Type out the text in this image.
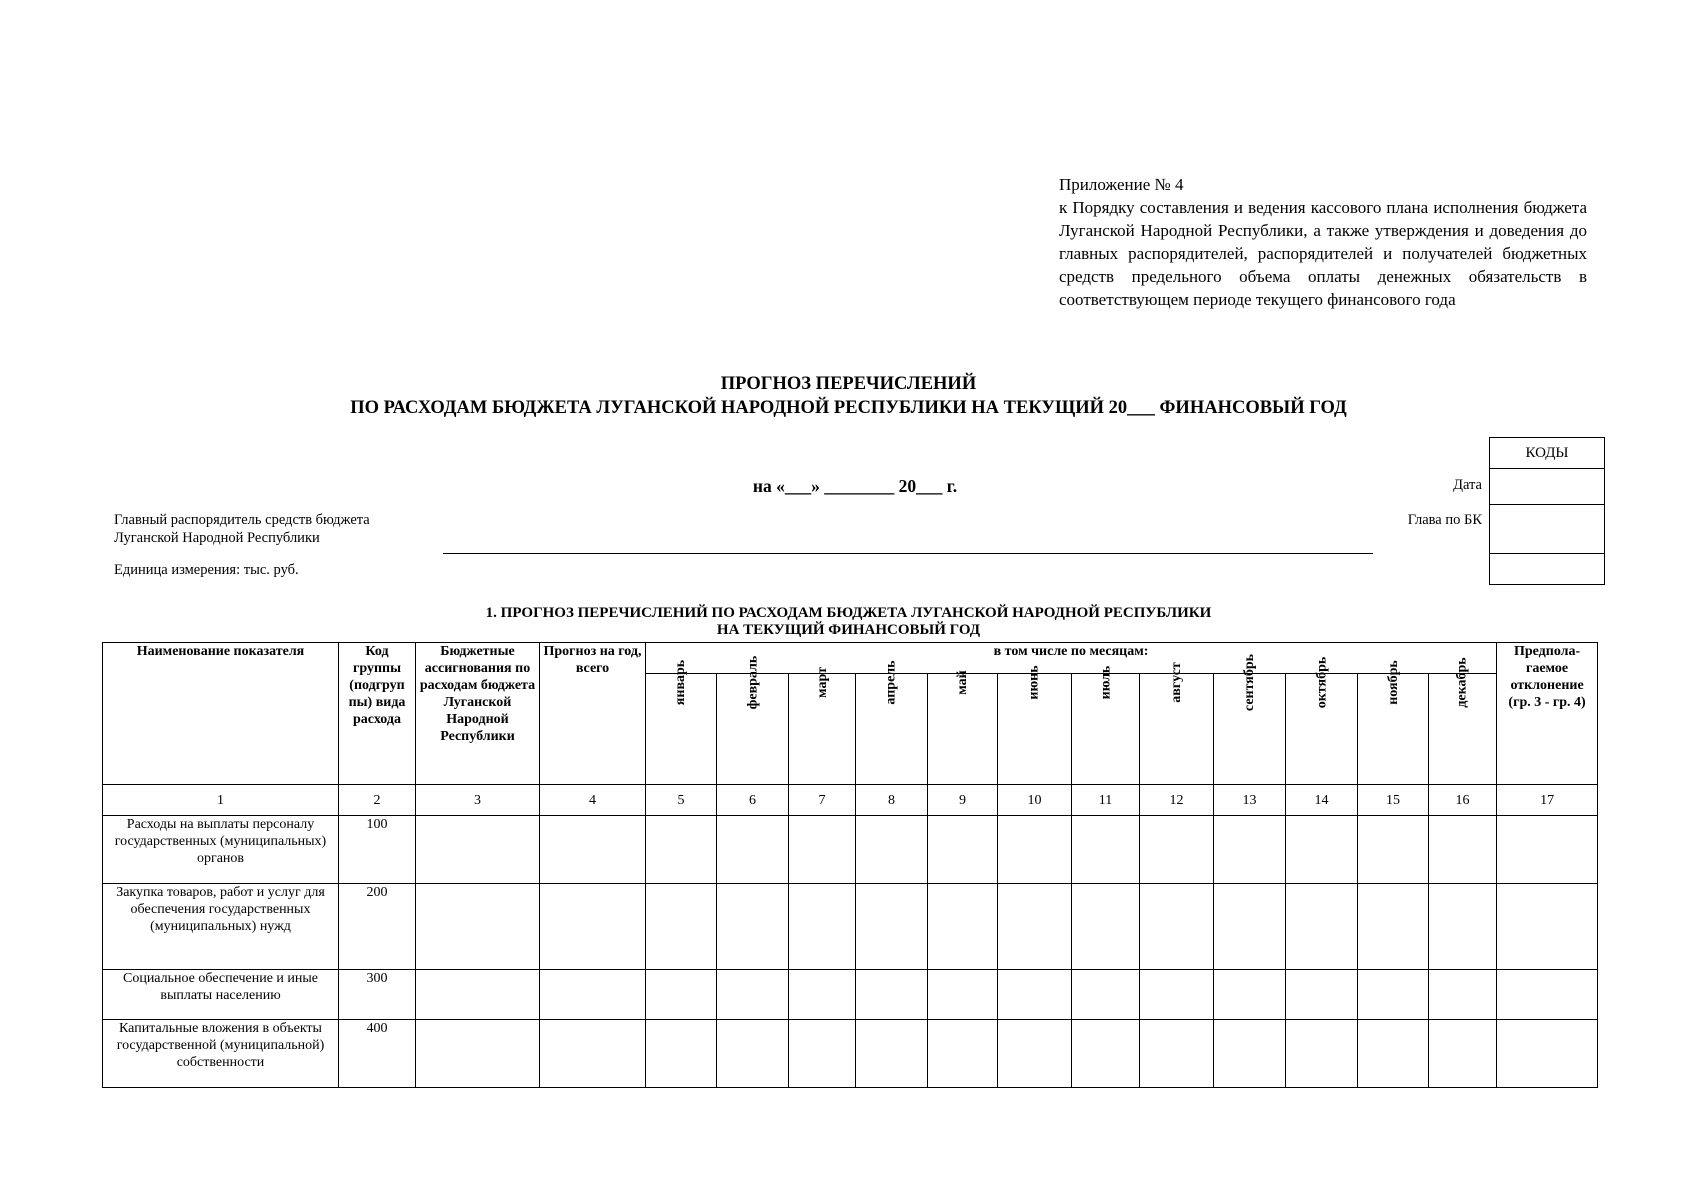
Приложение № 4

к Порядку составления и ведения кассового плана исполнения бюджета Луганской Народной Республики, а также утверждения и доведения до главных распорядителей, распорядителей и получателей бюджетных средств предельного объема оплаты денежных обязательств в соответствующем периоде текущего финансового года

ПРОГНОЗ ПЕРЕЧИСЛЕНИЙ
ПО РАСХОДАМ БЮДЖЕТА ЛУГАНСКОЙ НАРОДНОЙ РЕСПУБЛИКИ НА ТЕКУЩИЙ 20___ ФИНАНСОВЫЙ ГОД
на «___» ________ 20___ г.
Главный распорядитель средств бюджета
Луганской Народной Республики
Единица измерения: тыс. руб.
Дата
Глава по БК
КОДЫ

1. ПРОГНОЗ ПЕРЕЧИСЛЕНИЙ ПО РАСХОДАМ БЮДЖЕТА ЛУГАНСКОЙ НАРОДНОЙ РЕСПУБЛИКИ
НА ТЕКУЩИЙ ФИНАНСОВЫЙ ГОД
Наименование показателя	Код группы (подгруп пы) вида расхода	Бюджетные ассигнования по расходам бюджета Луганской Народной Республики	Прогноз на год, всего	в том числе по месяцам:												Предпола-гаемое отклонение (гр. 3 - гр. 4)
				январь	февраль	март	апрель	май	июнь	июль	август	сентябрь	октябрь	ноябрь	декабрь	
1	2	3	4	5	6	7	8	9	10	11	12	13	14	15	16	17
Расходы на выплаты персоналу государственных (муниципальных) органов	100															
Закупка товаров, работ и услуг для обеспечения государственных (муниципальных) нужд	200															
Социальное обеспечение и иные выплаты населению	300															
Капитальные вложения в объекты государственной (муниципальной) собственности	400															
